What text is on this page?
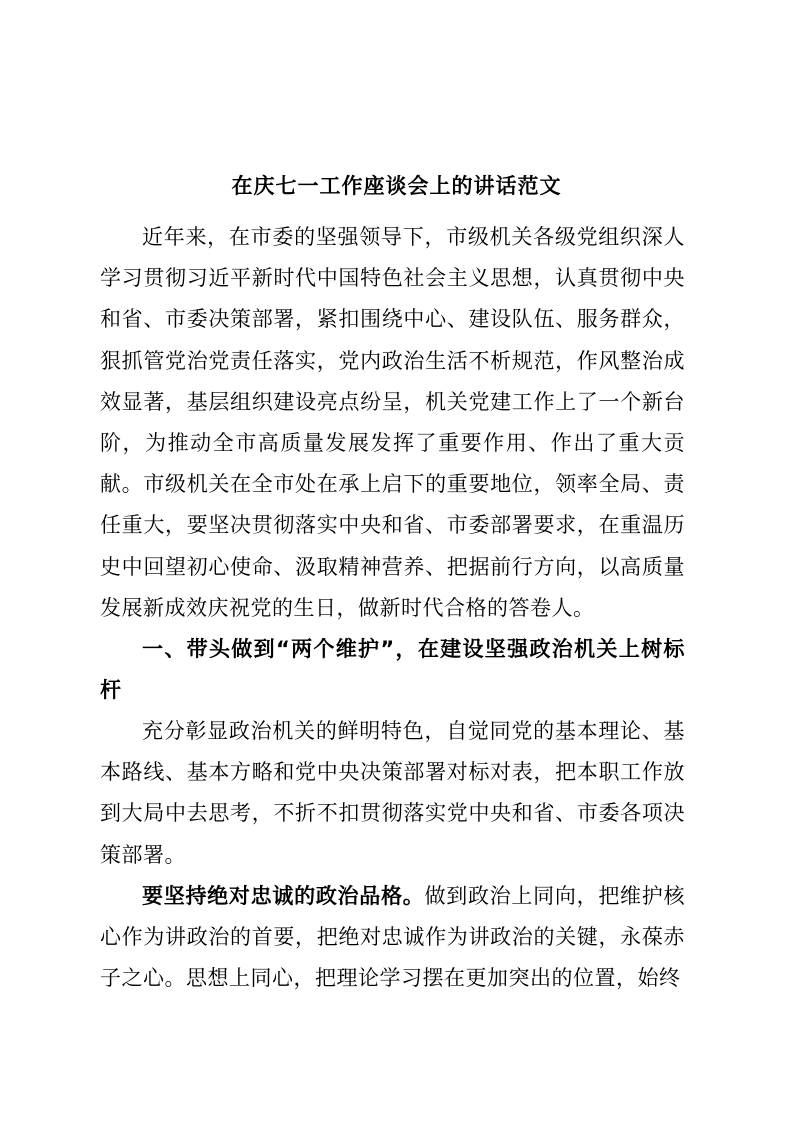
在庆七一工作座谈会上的讲话范文
近年来，在市委的坚强领导下，市级机关各级党组织深人学习贯彻习近平新时代中国特色社会主义思想，认真贯彻中央和省、市委决策部署，紧扣围绕中心、建设队伍、服务群众，狠抓管党治党责任落实，党内政治生活不析规范，作风整治成效显著，基层组织建设亮点纷呈，机关党建工作上了一个新台阶，为推动全市高质量发展发挥了重要作用、作出了重大贡献。市级机关在全市处在承上启下的重要地位，领率全局、责任重大，要坚决贯彻落实中央和省、市委部署要求，在重温历史中回望初心使命、汲取精神营养、把据前行方向，以高质量发展新成效庆祝党的生日，做新时代合格的答卷人。
一、带头做到“两个维护”，在建设坚强政治机关上树标杆
充分彰显政治机关的鲜明特色，自觉同党的基本理论、基本路线、基本方略和党中央决策部署对标对表，把本职工作放到大局中去思考，不折不扣贯彻落实党中央和省、市委各项决策部署。
要坚持绝对忠诚的政治品格。做到政治上同向，把维护核心作为讲政治的首要，把绝对忠诚作为讲政治的关键，永葆赤子之心。思想上同心，把理论学习摆在更加突出的位置，始终
